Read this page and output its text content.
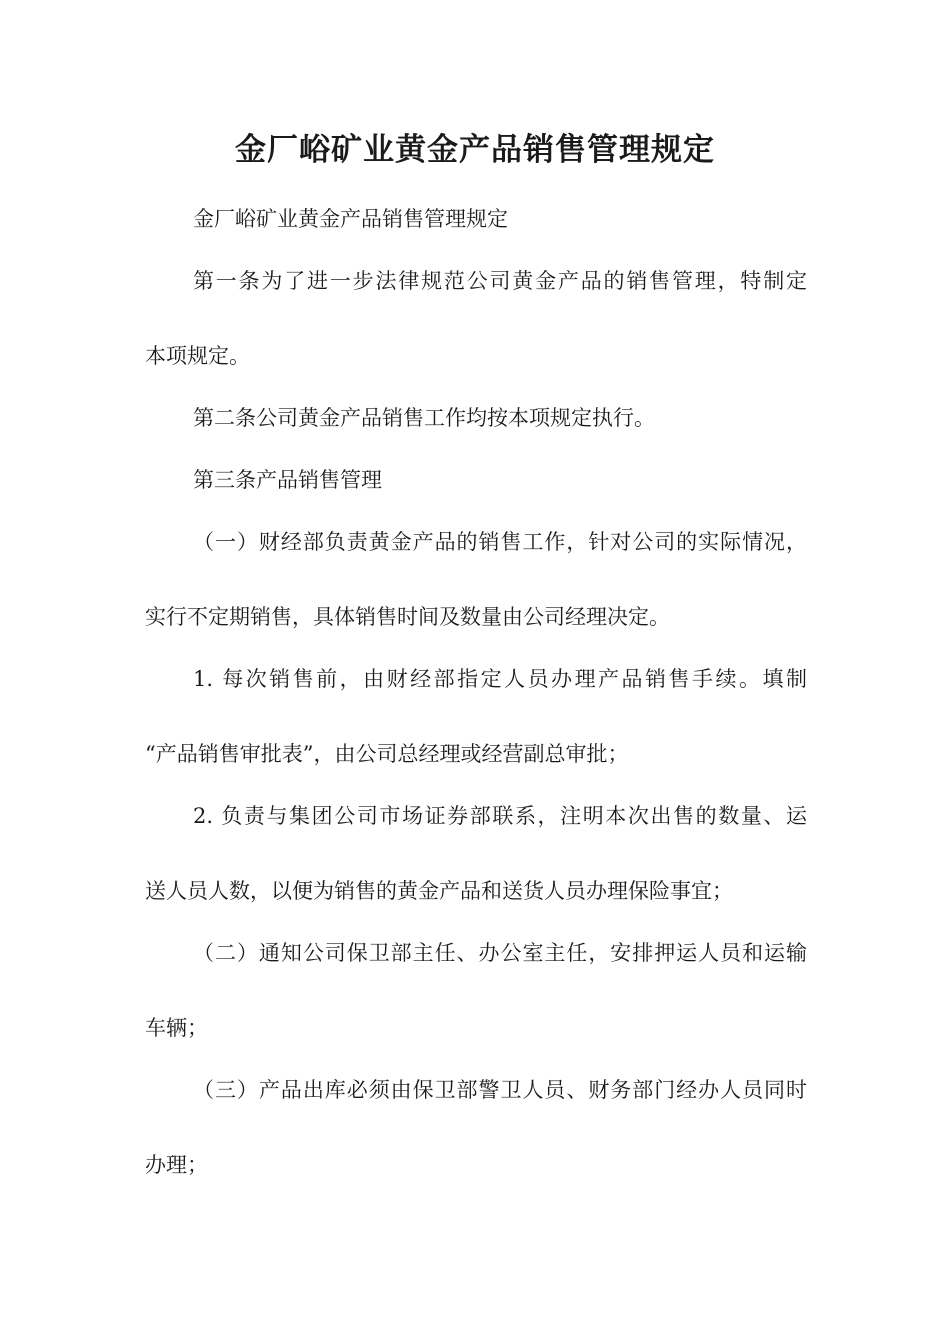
金厂峪矿业黄金产品销售管理规定
金厂峪矿业黄金产品销售管理规定
第一条为了进一步法律规范公司黄金产品的销售管理，特制定
本项规定。
第二条公司黄金产品销售工作均按本项规定执行。
第三条产品销售管理
（一）财经部负责黄金产品的销售工作，针对公司的实际情况，
实行不定期销售，具体销售时间及数量由公司经理决定。
1. 每次销售前，由财经部指定人员办理产品销售手续。填制
“产品销售审批表”，由公司总经理或经营副总审批；
2. 负责与集团公司市场证券部联系，注明本次出售的数量、运
送人员人数，以便为销售的黄金产品和送货人员办理保险事宜；
（二）通知公司保卫部主任、办公室主任，安排押运人员和运输
车辆；
（三）产品出库必须由保卫部警卫人员、财务部门经办人员同时
办理；
